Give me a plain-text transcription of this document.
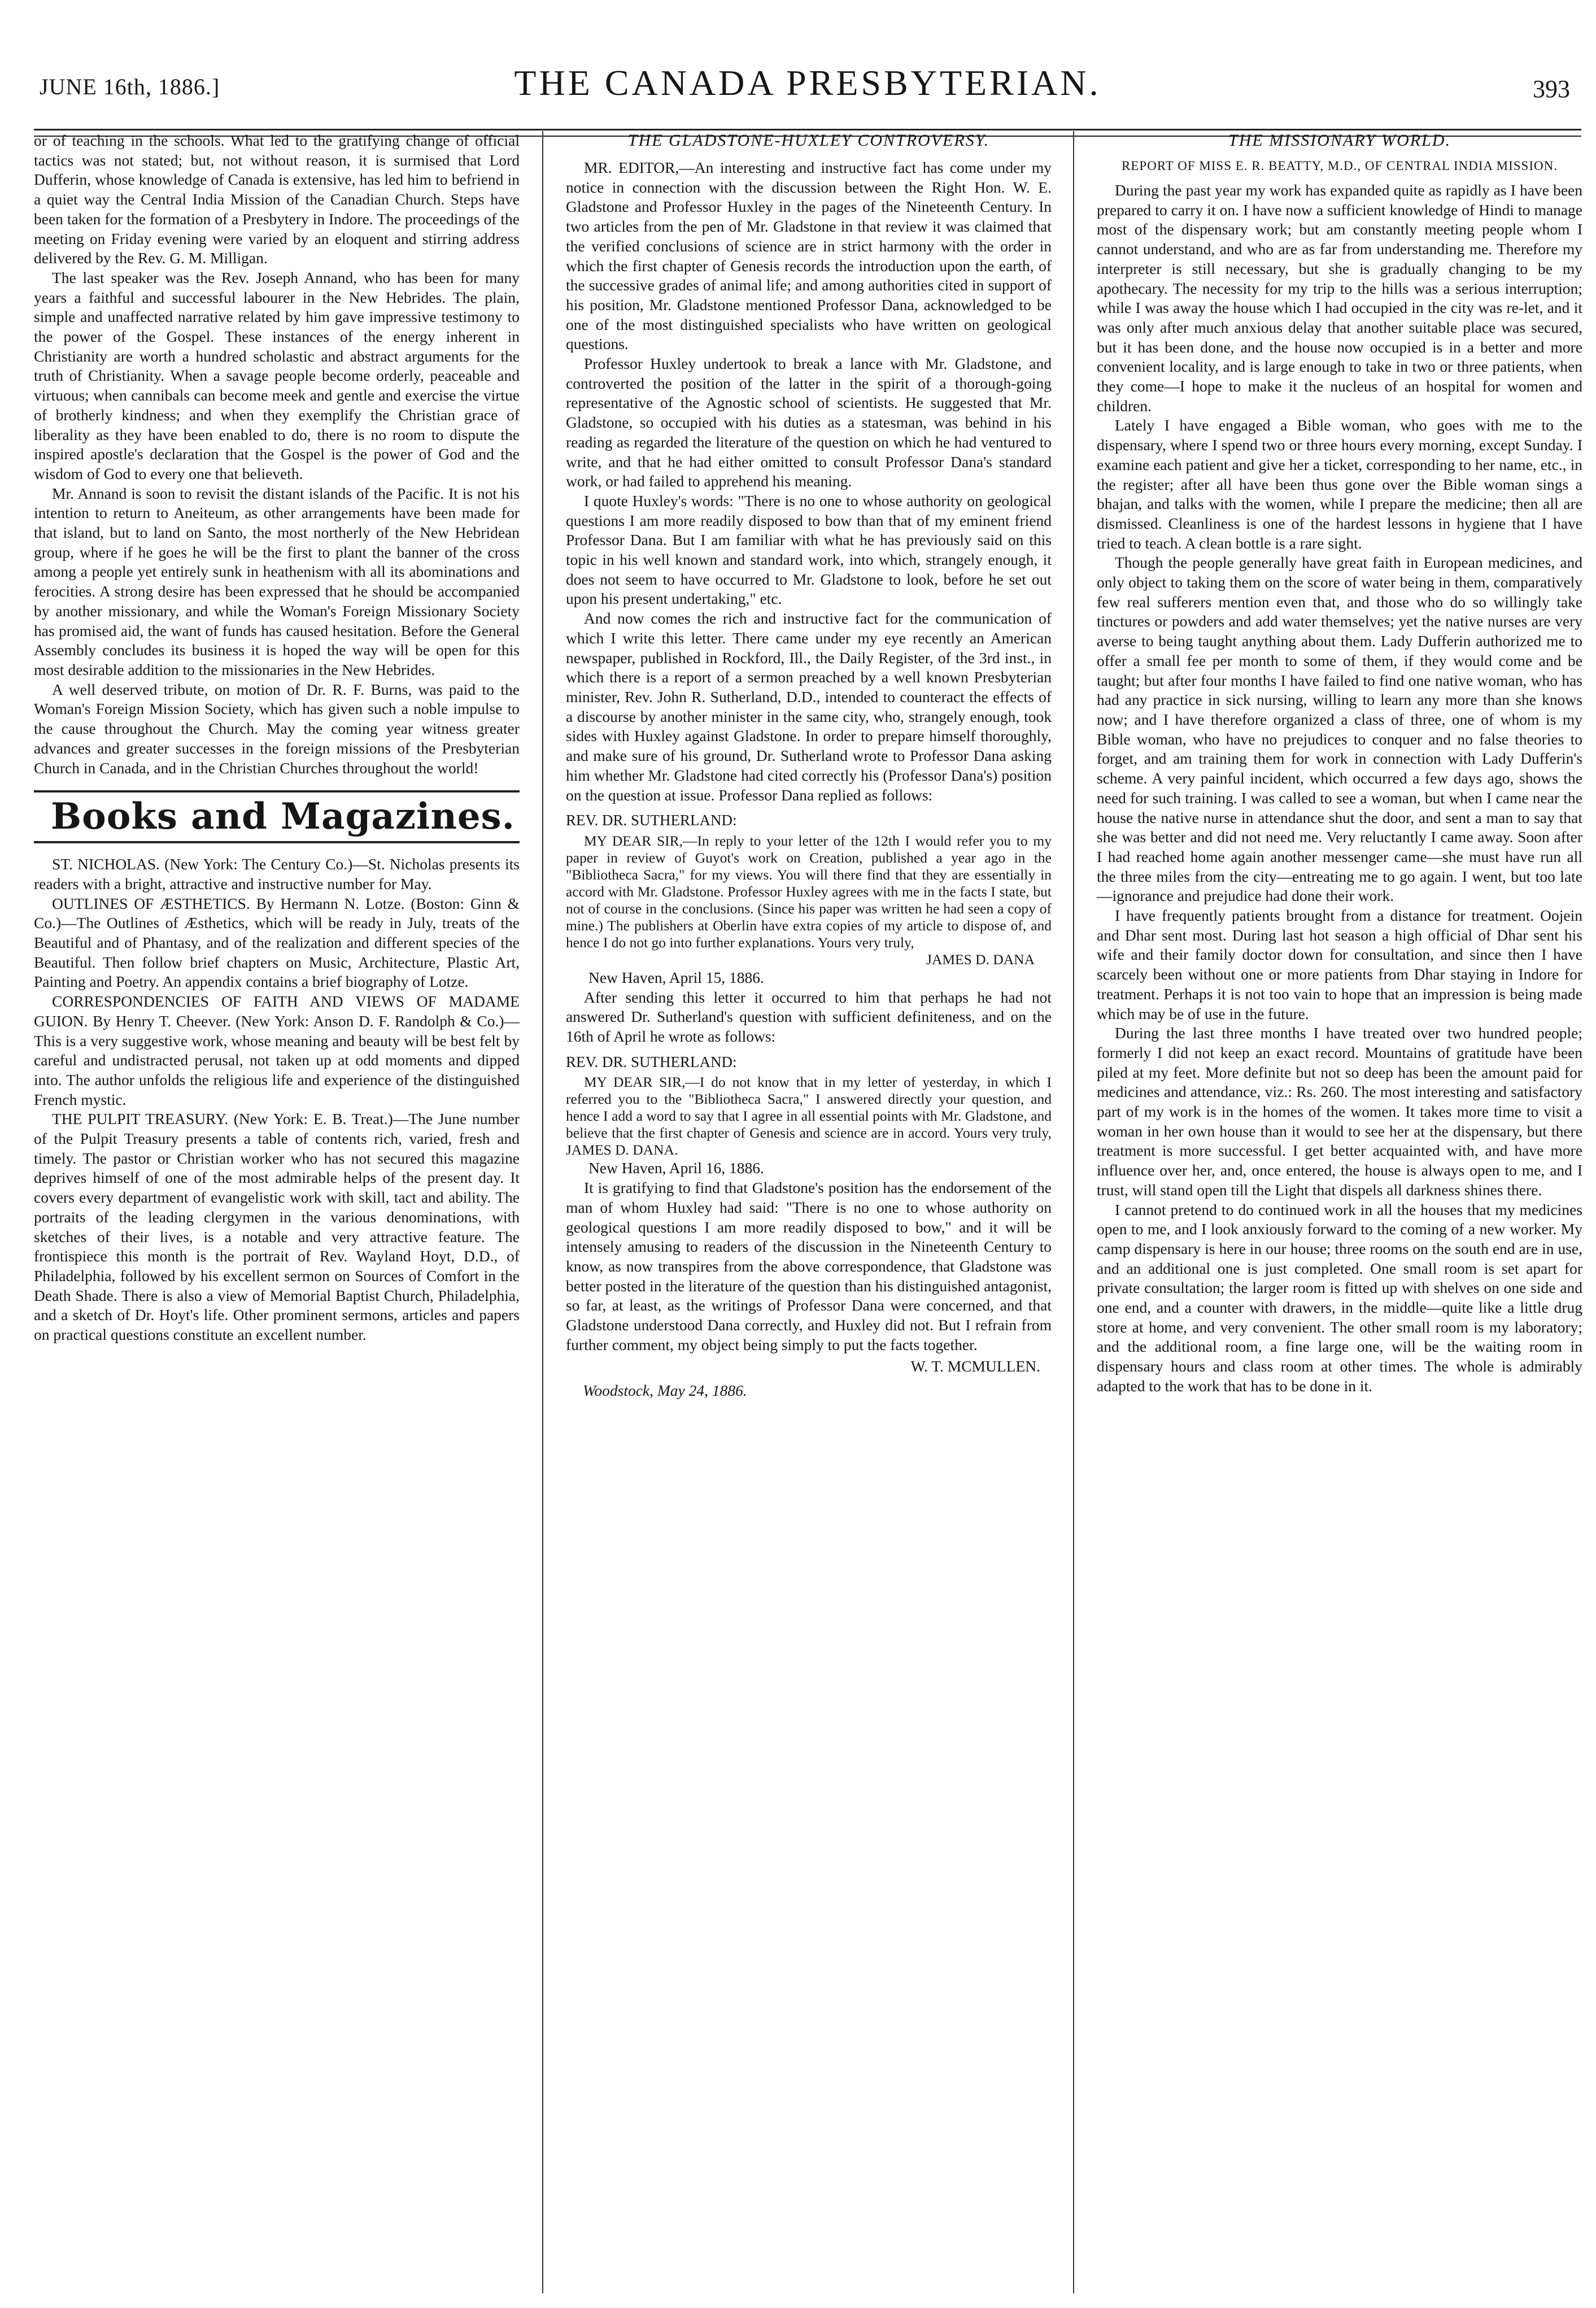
JUNE 16th, 1886.]	THE CANADA PRESBYTERIAN.	393

or of teaching in the schools. What led to the gratifying change of official tactics was not stated; but, not without reason, it is surmised that Lord Dufferin, whose knowledge of Canada is extensive, has led him to befriend in a quiet way the Central India Mission of the Canadian Church. Steps have been taken for the formation of a Presbytery in Indore. The proceedings of the meeting on Friday evening were varied by an eloquent and stirring address delivered by the Rev. G. M. Milligan.

The last speaker was the Rev. Joseph Annand, who has been for many years a faithful and successful labourer in the New Hebrides. The plain, simple and unaffected narrative related by him gave impressive testimony to the power of the Gospel. These instances of the energy inherent in Christianity are worth a hundred scholastic and abstract arguments for the truth of Christianity. When a savage people become orderly, peaceable and virtuous; when cannibals can become meek and gentle and exercise the virtue of brotherly kindness; and when they exemplify the Christian grace of liberality as they have been enabled to do, there is no room to dispute the inspired apostle's declaration that the Gospel is the power of God and the wisdom of God to every one that believeth.

Mr. Annand is soon to revisit the distant islands of the Pacific. It is not his intention to return to Aneiteum, as other arrangements have been made for that island, but to land on Santo, the most northerly of the New Hebridean group, where if he goes he will be the first to plant the banner of the cross among a people yet entirely sunk in heathenism with all its abominations and ferocities. A strong desire has been expressed that he should be accompanied by another missionary, and while the Woman's Foreign Missionary Society has promised aid, the want of funds has caused hesitation. Before the General Assembly concludes its business it is hoped the way will be open for this most desirable addition to the missionaries in the New Hebrides.

A well deserved tribute, on motion of Dr. R. F. Burns, was paid to the Woman's Foreign Mission Society, which has given such a noble impulse to the cause throughout the Church. May the coming year witness greater advances and greater successes in the foreign missions of the Presbyterian Church in Canada, and in the Christian Churches throughout the world!

Books and Magazines.

ST. NICHOLAS. (New York: The Century Co.)—St. Nicholas presents its readers with a bright, attractive and instructive number for May.

OUTLINES OF ÆSTHETICS. By Hermann N. Lotze. (Boston: Ginn & Co.)—The Outlines of Æsthetics, which will be ready in July, treats of the Beautiful and of Phantasy, and of the realization and different species of the Beautiful. Then follow brief chapters on Music, Architecture, Plastic Art, Painting and Poetry. An appendix contains a brief biography of Lotze.

CORRESPONDENCIES OF FAITH AND VIEWS OF MADAME GUION. By Henry T. Cheever. (New York: Anson D. F. Randolph & Co.)—This is a very suggestive work, whose meaning and beauty will be best felt by careful and undistracted perusal, not taken up at odd moments and dipped into. The author unfolds the religious life and experience of the distinguished French mystic.

THE PULPIT TREASURY. (New York: E. B. Treat.)—The June number of the Pulpit Treasury presents a table of contents rich, varied, fresh and timely. The pastor or Christian worker who has not secured this magazine deprives himself of one of the most admirable helps of the present day. It covers every department of evangelistic work with skill, tact and ability. The portraits of the leading clergymen in the various denominations, with sketches of their lives, is a notable and very attractive feature. The frontispiece this month is the portrait of Rev. Wayland Hoyt, D.D., of Philadelphia, followed by his excellent sermon on Sources of Comfort in the Death Shade. There is also a view of Memorial Baptist Church, Philadelphia, and a sketch of Dr. Hoyt's life. Other prominent sermons, articles and papers on practical questions constitute an excellent number.

THE GLADSTONE-HUXLEY CONTROVERSY.

MR. EDITOR,—An interesting and instructive fact has come under my notice in connection with the discussion between the Right Hon. W. E. Gladstone and Professor Huxley in the pages of the Nineteenth Century. In two articles from the pen of Mr. Gladstone in that review it was claimed that the verified conclusions of science are in strict harmony with the order in which the first chapter of Genesis records the introduction upon the earth, of the successive grades of animal life; and among authorities cited in support of his position, Mr. Gladstone mentioned Professor Dana, acknowledged to be one of the most distinguished specialists who have written on geological questions.

Professor Huxley undertook to break a lance with Mr. Gladstone, and controverted the position of the latter in the spirit of a thorough-going representative of the Agnostic school of scientists. He suggested that Mr. Gladstone, so occupied with his duties as a statesman, was behind in his reading as regarded the literature of the question on which he had ventured to write, and that he had either omitted to consult Professor Dana's standard work, or had failed to apprehend his meaning.

I quote Huxley's words: "There is no one to whose authority on geological questions I am more readily disposed to bow than that of my eminent friend Professor Dana. But I am familiar with what he has previously said on this topic in his well known and standard work, into which, strangely enough, it does not seem to have occurred to Mr. Gladstone to look, before he set out upon his present undertaking," etc.

And now comes the rich and instructive fact for the communication of which I write this letter. There came under my eye recently an American newspaper, published in Rockford, Ill., the Daily Register, of the 3rd inst., in which there is a report of a sermon preached by a well known Presbyterian minister, Rev. John R. Sutherland, D.D., intended to counteract the effects of a discourse by another minister in the same city, who, strangely enough, took sides with Huxley against Gladstone. In order to prepare himself thoroughly, and make sure of his ground, Dr. Sutherland wrote to Professor Dana asking him whether Mr. Gladstone had cited correctly his (Professor Dana's) position on the question at issue. Professor Dana replied as follows:

REV. DR. SUTHERLAND:

MY DEAR SIR,—In reply to your letter of the 12th I would refer you to my paper in review of Guyot's work on Creation, published a year ago in the "Bibliotheca Sacra," for my views. You will there find that they are essentially in accord with Mr. Gladstone. Professor Huxley agrees with me in the facts I state, but not of course in the conclusions. (Since his paper was written he had seen a copy of mine.) The publishers at Oberlin have extra copies of my article to dispose of, and hence I do not go into further explanations. Yours very truly,

JAMES D. DANA
New Haven, April 15, 1886.

After sending this letter it occurred to him that perhaps he had not answered Dr. Sutherland's question with sufficient definiteness, and on the 16th of April he wrote as follows:

REV. DR. SUTHERLAND:

MY DEAR SIR,—I do not know that in my letter of yesterday, in which I referred you to the "Bibliotheca Sacra," I answered directly your question, and hence I add a word to say that I agree in all essential points with Mr. Gladstone, and believe that the first chapter of Genesis and science are in accord. Yours very truly, JAMES D. DANA.

New Haven, April 16, 1886.

It is gratifying to find that Gladstone's position has the endorsement of the man of whom Huxley had said: "There is no one to whose authority on geological questions I am more readily disposed to bow," and it will be intensely amusing to readers of the discussion in the Nineteenth Century to know, as now transpires from the above correspondence, that Gladstone was better posted in the literature of the question than his distinguished antagonist, so far, at least, as the writings of Professor Dana were concerned, and that Gladstone understood Dana correctly, and Huxley did not. But I refrain from further comment, my object being simply to put the facts together.

W. T. MCMULLEN.
Woodstock, May 24, 1886.
THE MISSIONARY WORLD.
REPORT OF MISS E. R. BEATTY, M.D., OF CENTRAL INDIA MISSION.

During the past year my work has expanded quite as rapidly as I have been prepared to carry it on. I have now a sufficient knowledge of Hindi to manage most of the dispensary work; but am constantly meeting people whom I cannot understand, and who are as far from understanding me. Therefore my interpreter is still necessary, but she is gradually changing to be my apothecary. The necessity for my trip to the hills was a serious interruption; while I was away the house which I had occupied in the city was re-let, and it was only after much anxious delay that another suitable place was secured, but it has been done, and the house now occupied is in a better and more convenient locality, and is large enough to take in two or three patients, when they come—I hope to make it the nucleus of an hospital for women and children.

Lately I have engaged a Bible woman, who goes with me to the dispensary, where I spend two or three hours every morning, except Sunday. I examine each patient and give her a ticket, corresponding to her name, etc., in the register; after all have been thus gone over the Bible woman sings a bhajan, and talks with the women, while I prepare the medicine; then all are dismissed. Cleanliness is one of the hardest lessons in hygiene that I have tried to teach. A clean bottle is a rare sight.

Though the people generally have great faith in European medicines, and only object to taking them on the score of water being in them, comparatively few real sufferers mention even that, and those who do so willingly take tinctures or powders and add water themselves; yet the native nurses are very averse to being taught anything about them. Lady Dufferin authorized me to offer a small fee per month to some of them, if they would come and be taught; but after four months I have failed to find one native woman, who has had any practice in sick nursing, willing to learn any more than she knows now; and I have therefore organized a class of three, one of whom is my Bible woman, who have no prejudices to conquer and no false theories to forget, and am training them for work in connection with Lady Dufferin's scheme. A very painful incident, which occurred a few days ago, shows the need for such training. I was called to see a woman, but when I came near the house the native nurse in attendance shut the door, and sent a man to say that she was better and did not need me. Very reluctantly I came away. Soon after I had reached home again another messenger came—she must have run all the three miles from the city—entreating me to go again. I went, but too late—ignorance and prejudice had done their work.

I have frequently patients brought from a distance for treatment. Oojein and Dhar sent most. During last hot season a high official of Dhar sent his wife and their family doctor down for consultation, and since then I have scarcely been without one or more patients from Dhar staying in Indore for treatment. Perhaps it is not too vain to hope that an impression is being made which may be of use in the future.

During the last three months I have treated over two hundred people; formerly I did not keep an exact record. Mountains of gratitude have been piled at my feet. More definite but not so deep has been the amount paid for medicines and attendance, viz.: Rs. 260. The most interesting and satisfactory part of my work is in the homes of the women. It takes more time to visit a woman in her own house than it would to see her at the dispensary, but there treatment is more successful. I get better acquainted with, and have more influence over her, and, once entered, the house is always open to me, and I trust, will stand open till the Light that dispels all darkness shines there.

I cannot pretend to do continued work in all the houses that my medicines open to me, and I look anxiously forward to the coming of a new worker. My camp dispensary is here in our house; three rooms on the south end are in use, and an additional one is just completed. One small room is set apart for private consultation; the larger room is fitted up with shelves on one side and one end, and a counter with drawers, in the middle—quite like a little drug store at home, and very convenient. The other small room is my laboratory; and the additional room, a fine large one, will be the waiting room in dispensary hours and class room at other times. The whole is admirably adapted to the work that has to be done in it.
